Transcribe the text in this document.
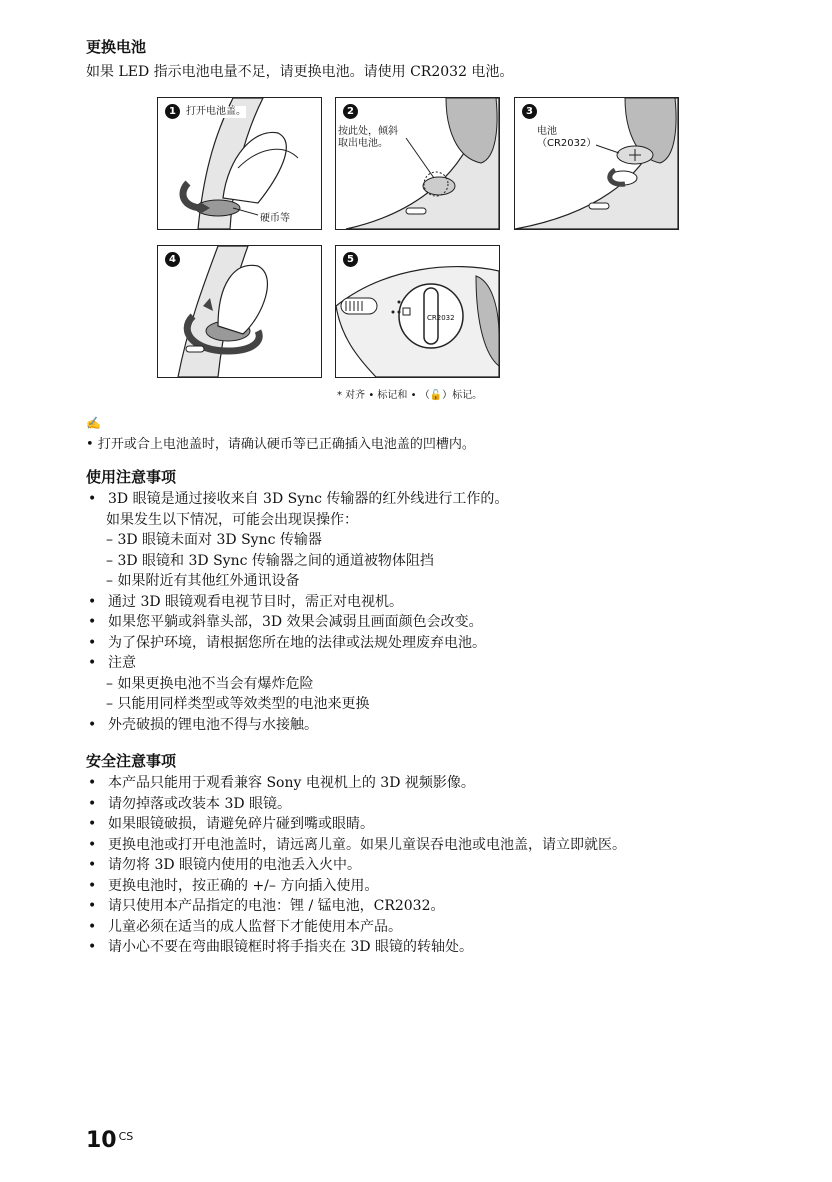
更换电池
如果 LED 指示电池电量不足，请更换电池。请使用 CR2032 电池。
1	打开电池盖。
硬币等
2
按此处，倾斜
取出电池。
3
电池
（CR2032）
4	5
CR2032
* 对齐 • 标记和 • （🔓）标记。
✍
• 打开或合上电池盖时，请确认硬币等已正确插入电池盖的凹槽内。
使用注意事项
• 3D 眼镜是通过接收来自 3D Sync 传输器的红外线进行工作的。
如果发生以下情况，可能会出现误操作：
– 3D 眼镜未面对 3D Sync 传输器
– 3D 眼镜和 3D Sync 传输器之间的通道被物体阻挡
– 如果附近有其他红外通讯设备
• 通过 3D 眼镜观看电视节目时，需正对电视机。
• 如果您平躺或斜靠头部，3D 效果会减弱且画面颜色会改变。
• 为了保护环境，请根据您所在地的法律或法规处理废弃电池。
• 注意
– 如果更换电池不当会有爆炸危险
– 只能用同样类型或等效类型的电池来更换
• 外壳破损的锂电池不得与水接触。
安全注意事项
• 本产品只能用于观看兼容 Sony 电视机上的 3D 视频影像。
• 请勿掉落或改装本 3D 眼镜。
• 如果眼镜破损，请避免碎片碰到嘴或眼睛。
• 更换电池或打开电池盖时，请远离儿童。如果儿童误吞电池或电池盖，请立即就医。
• 请勿将 3D 眼镜内使用的电池丢入火中。
• 更换电池时，按正确的 +/– 方向插入使用。
• 请只使用本产品指定的电池：锂 / 锰电池，CR2032。
• 儿童必须在适当的成人监督下才能使用本产品。
• 请小心不要在弯曲眼镜框时将手指夹在 3D 眼镜的转轴处。
10 $^{CS}$
